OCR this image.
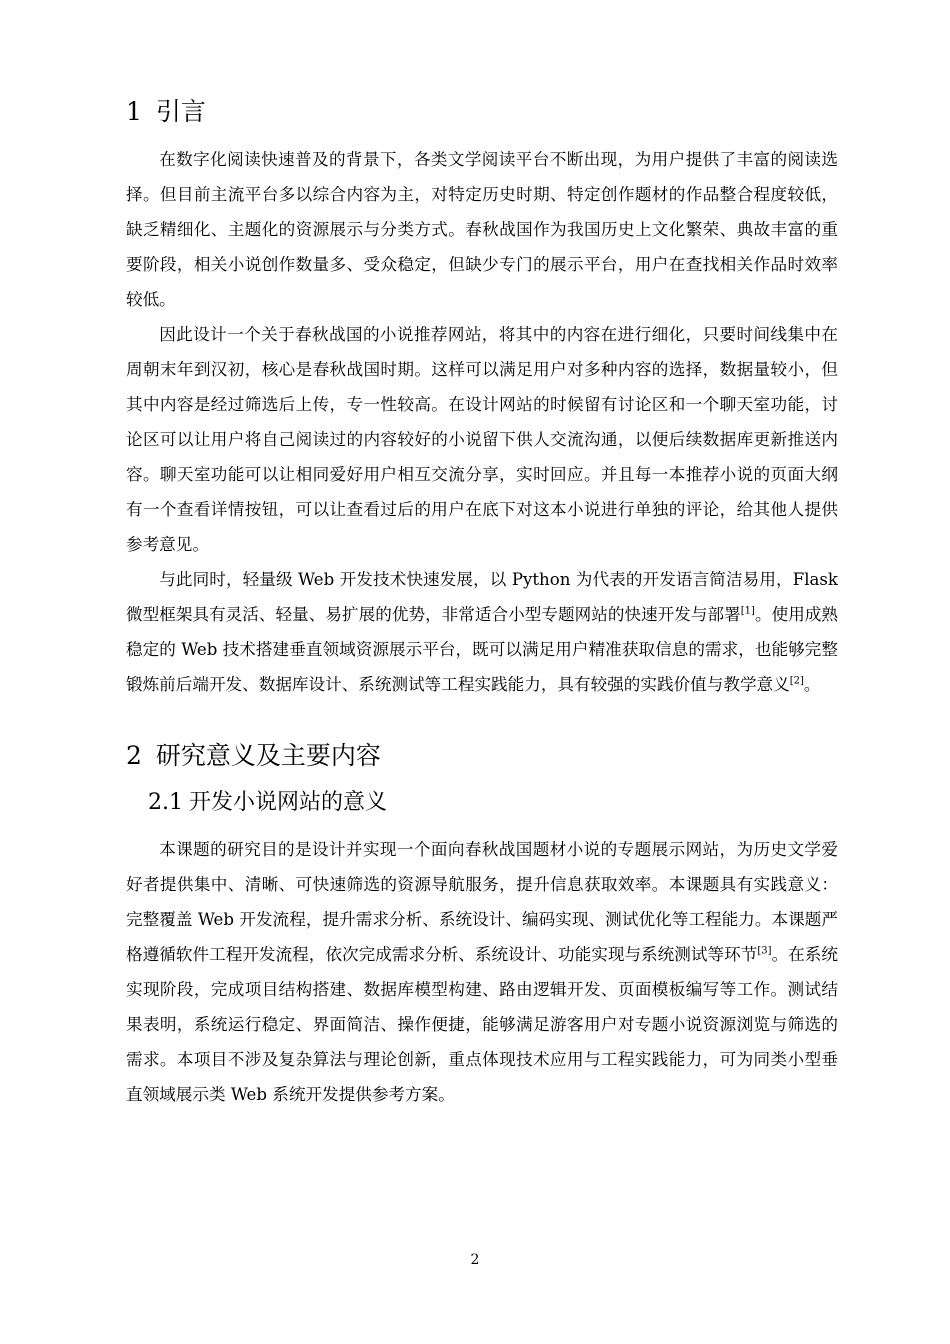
1 引言

在数字化阅读快速普及的背景下，各类文学阅读平台不断出现，为用户提供了丰富的阅读选择。但目前主流平台多以综合内容为主，对特定历史时期、特定创作题材的作品整合程度较低，缺乏精细化、主题化的资源展示与分类方式。春秋战国作为我国历史上文化繁荣、典故丰富的重要阶段，相关小说创作数量多、受众稳定，但缺少专门的展示平台，用户在查找相关作品时效率较低。

因此设计一个关于春秋战国的小说推荐网站，将其中的内容在进行细化，只要时间线集中在周朝末年到汉初，核心是春秋战国时期。这样可以满足用户对多种内容的选择，数据量较小，但其中内容是经过筛选后上传，专一性较高。在设计网站的时候留有讨论区和一个聊天室功能，讨论区可以让用户将自己阅读过的内容较好的小说留下供人交流沟通，以便后续数据库更新推送内容。聊天室功能可以让相同爱好用户相互交流分享，实时回应。并且每一本推荐小说的页面大纲有一个查看详情按钮，可以让查看过后的用户在底下对这本小说进行单独的评论，给其他人提供参考意见。

与此同时，轻量级 Web 开发技术快速发展，以 Python 为代表的开发语言简洁易用，Flask 微型框架具有灵活、轻量、易扩展的优势，非常适合小型专题网站的快速开发与部署[1]。使用成熟稳定的 Web 技术搭建垂直领域资源展示平台，既可以满足用户精准获取信息的需求，也能够完整锻炼前后端开发、数据库设计、系统测试等工程实践能力，具有较强的实践价值与教学意义[2]。

2 研究意义及主要内容
2.1 开发小说网站的意义

本课题的研究目的是设计并实现一个面向春秋战国题材小说的专题展示网站，为历史文学爱好者提供集中、清晰、可快速筛选的资源导航服务，提升信息获取效率。本课题具有实践意义：完整覆盖 Web 开发流程，提升需求分析、系统设计、编码实现、测试优化等工程能力。本课题严格遵循软件工程开发流程，依次完成需求分析、系统设计、功能实现与系统测试等环节[3]。在系统实现阶段，完成项目结构搭建、数据库模型构建、路由逻辑开发、页面模板编写等工作。测试结果表明，系统运行稳定、界面简洁、操作便捷，能够满足游客用户对专题小说资源浏览与筛选的需求。本项目不涉及复杂算法与理论创新，重点体现技术应用与工程实践能力，可为同类小型垂直领域展示类 Web 系统开发提供参考方案。

2
